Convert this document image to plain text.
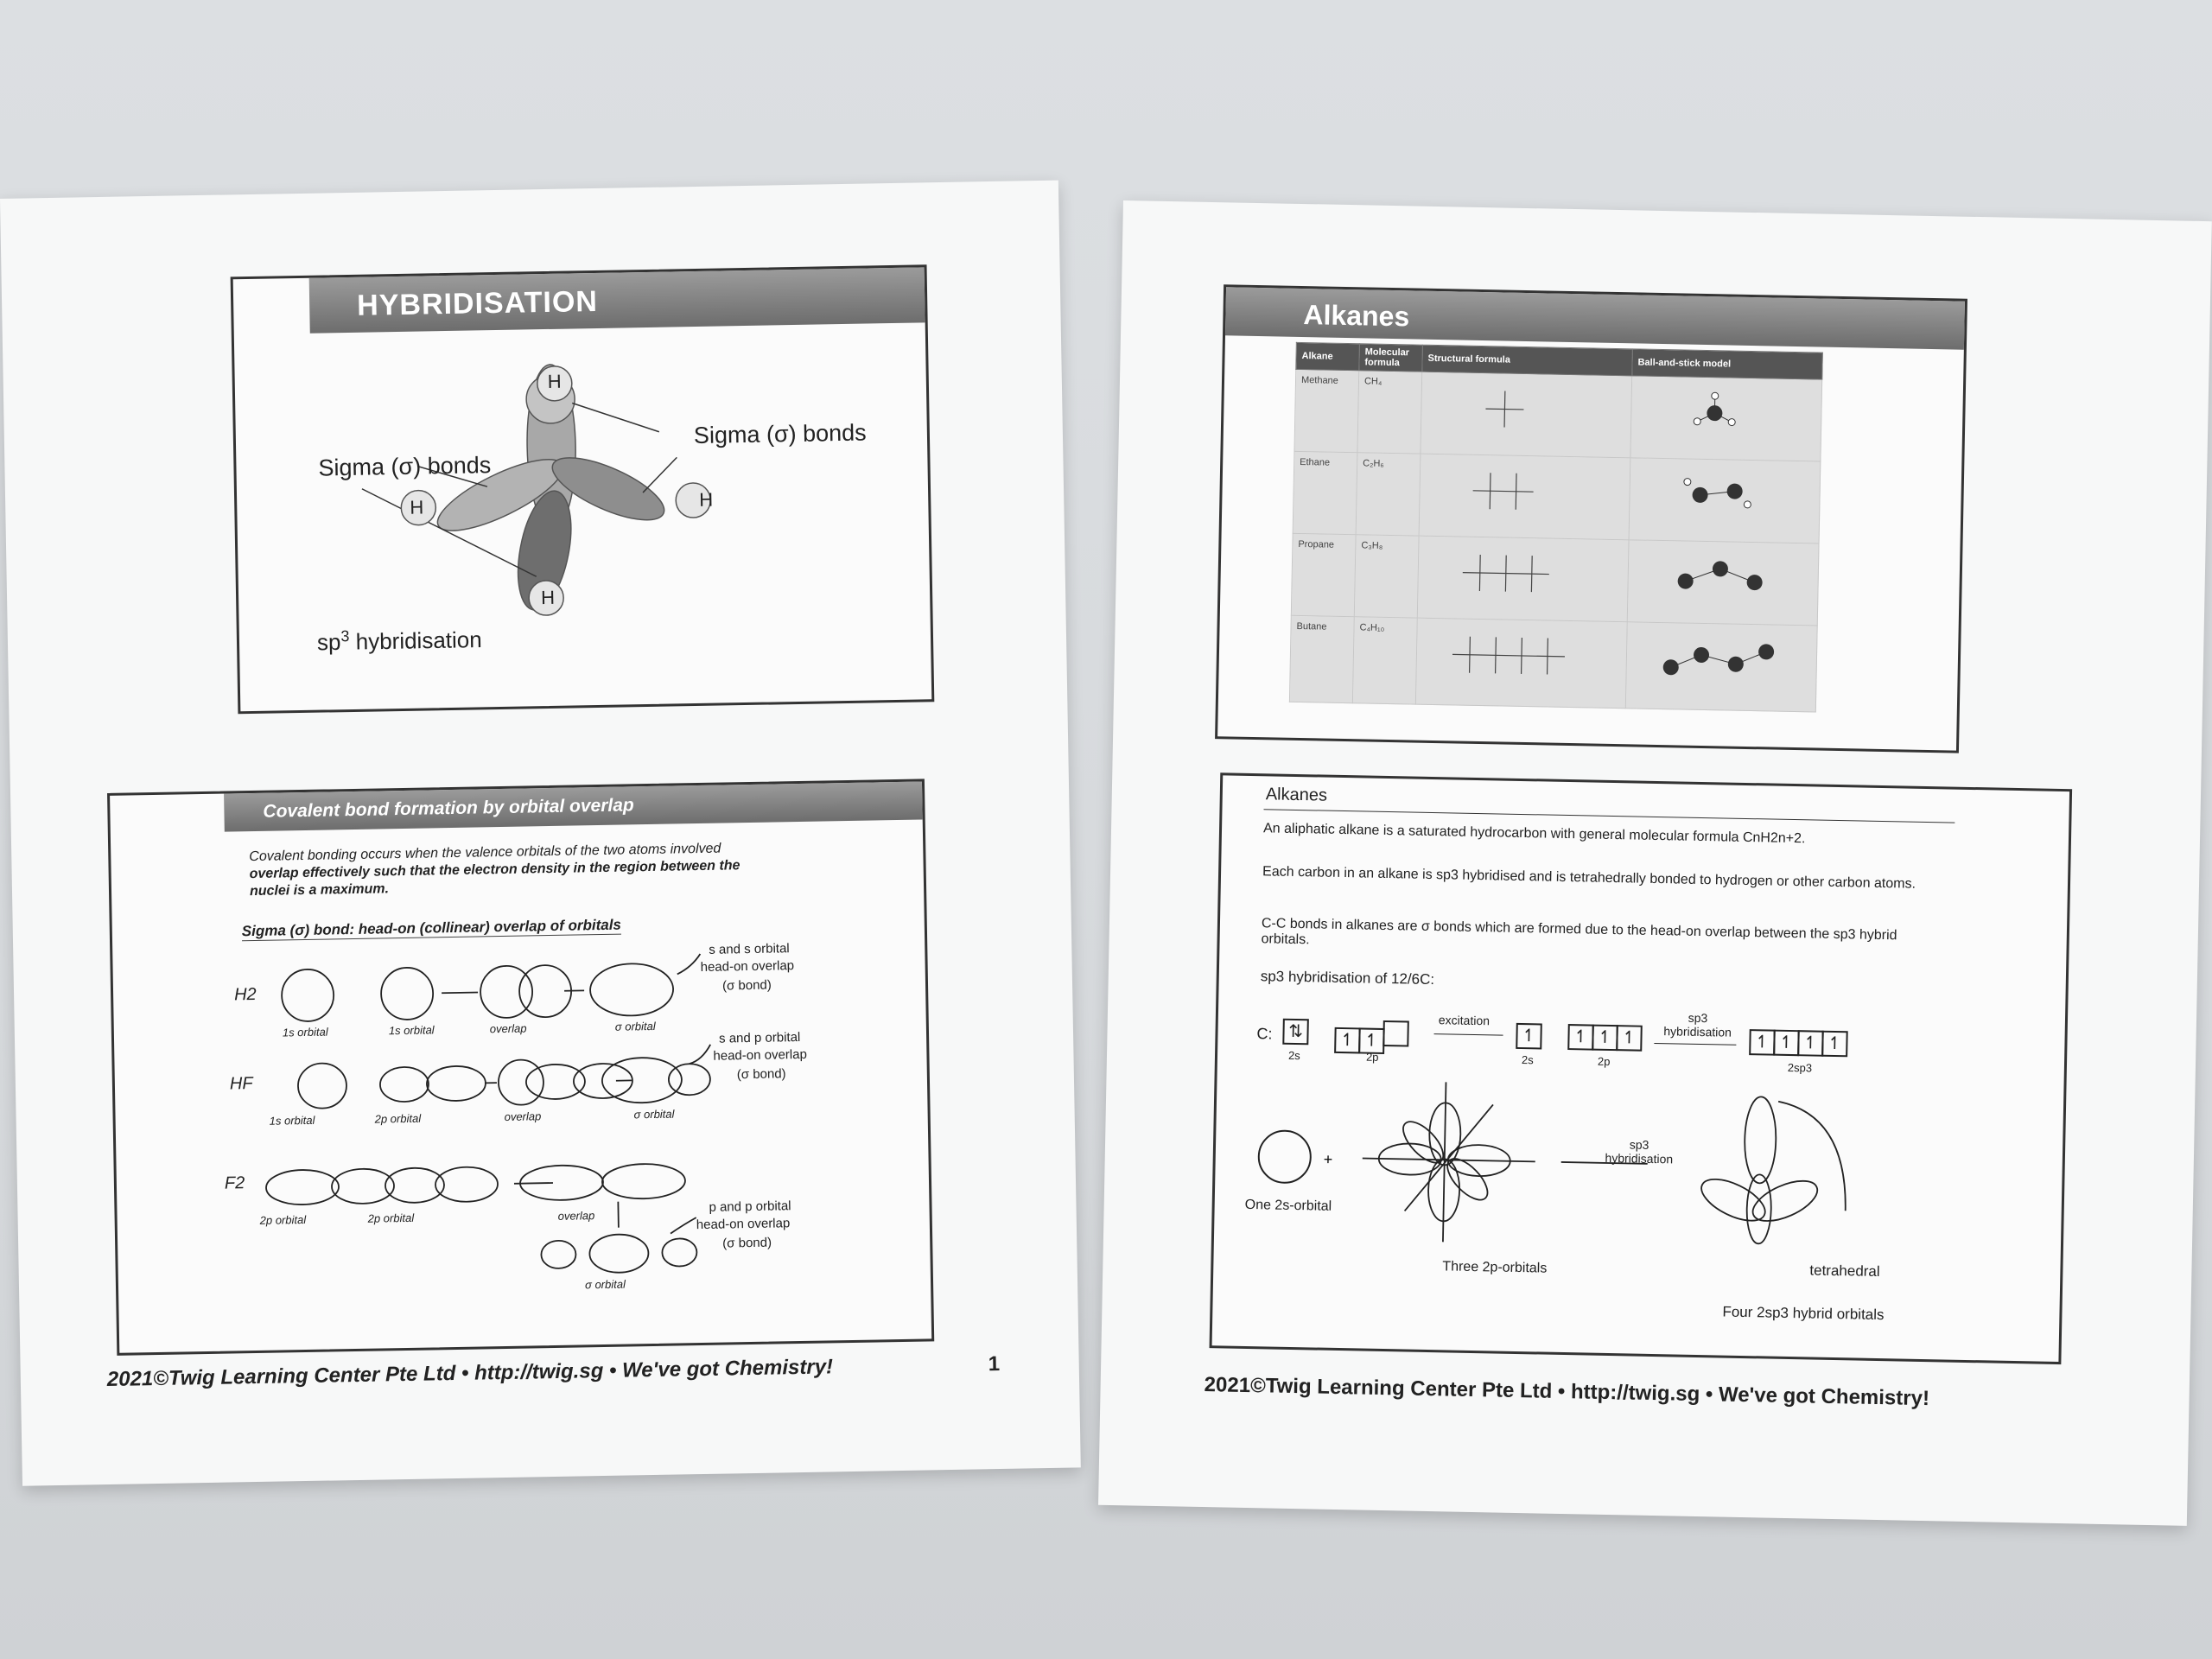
HYBRIDISATION
H
H	H
H
Sigma (σ) bonds
Sigma (σ) bonds
$sp^3$ hybridisation
Covalent bond formation by orbital overlap
Covalent bonding occurs when the valence orbitals of the two atoms involved
overlap effectively such that the electron density in the region between the
nuclei is a maximum.
Sigma (σ) bond: head-on (collinear) overlap of orbitals
H2
1s orbital	1s orbital	overlap	σ orbital
s and s orbital
head-on overlap
(σ bond)
HF
1s orbital	2p orbital	overlap	σ orbital
s and p orbital
head-on overlap
(σ bond)
F2
2p orbital	2p orbital	overlap
σ orbital
p and p orbital
head-on overlap
(σ bond)
2021©Twig Learning Center Pte Ltd • http://twig.sg • We've got Chemistry!	1
Alkanes
Alkane	Molecular formula	Structural formula	Ball-and-stick model
Methane	CH₄		
Ethane	C₂H₆		
Propane	C₃H₈		
Butane	C₄H₁₀		
Alkanes
An aliphatic alkane is a saturated hydrocarbon with general molecular formula CnH2n+2.
Each carbon in an alkane is sp3 hybridised and is tetrahedrally bonded to hydrogen or other carbon atoms.
C-C bonds in alkanes are σ bonds which are formed due to the head-on overlap between the sp3 hybrid orbitals.
sp3 hybridisation of 12/6C:
C: ⇅	↿ ↿
2s	2p
excitation
↿	↿ ↿ ↿
2s	2p
sp3 hybridisation
↿ ↿ ↿ ↿
2sp3
+
One 2s-orbital
Three 2p-orbitals
sp3 hybridisation
tetrahedral
Four 2sp3 hybrid orbitals
2021©Twig Learning Center Pte Ltd • http://twig.sg • We've got Chemistry!
